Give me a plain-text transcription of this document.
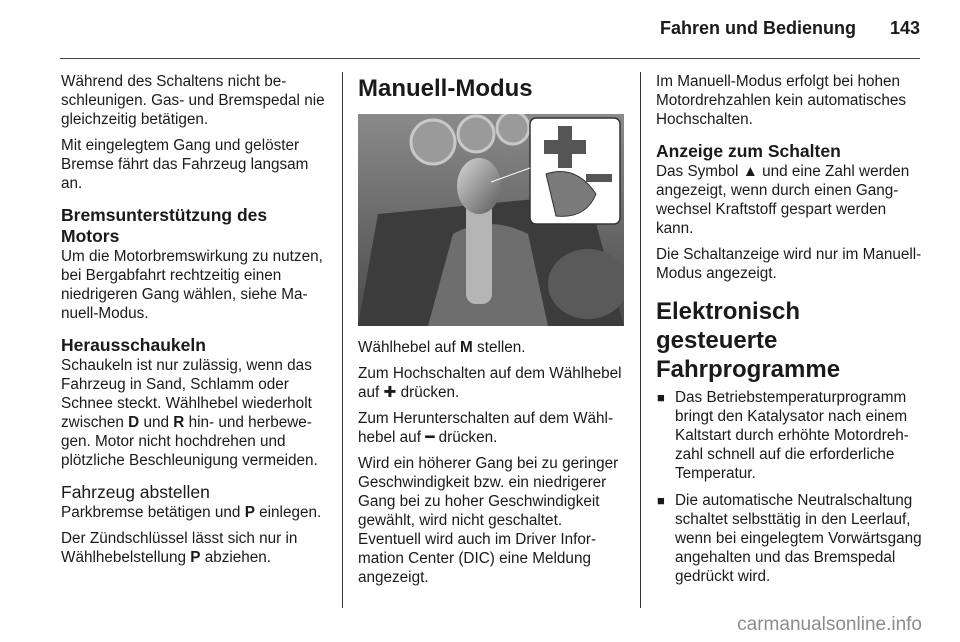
Fahren und Bedienung 143

Während des Schaltens nicht beschleunigen. Gas- und Bremspedal nie gleichzeitig betätigen.

Mit eingelegtem Gang und gelöster Bremse fährt das Fahrzeug langsam an.

Bremsunterstützung des Motors

Um die Motorbremswirkung zu nutzen, bei Bergabfahrt rechtzeitig einen niedrigeren Gang wählen, siehe Manuell-Modus.

Herausschaukeln

Schaukeln ist nur zulässig, wenn das Fahrzeug in Sand, Schlamm oder Schnee steckt. Wählhebel wiederholt zwischen D und R hin- und herbewegen. Motor nicht hochdrehen und plötzliche Beschleunigung vermeiden.

Fahrzeug abstellen

Parkbremse betätigen und P einlegen.

Der Zündschlüssel lässt sich nur in Wählhebelstellung P abziehen.

Manuell-Modus

Wählhebel auf M stellen.

Zum Hochschalten auf dem Wählhebel auf ✚ drücken.

Zum Herunterschalten auf dem Wählhebel auf ━ drücken.

Wird ein höherer Gang bei zu geringer Geschwindigkeit bzw. ein niedrigerer Gang bei zu hoher Geschwindigkeit gewählt, wird nicht geschaltet. Eventuell wird auch im Driver Information Center (DIC) eine Meldung angezeigt.

Im Manuell-Modus erfolgt bei hohen Motordrehzahlen kein automatisches Hochschalten.

Anzeige zum Schalten

Das Symbol ▲ und eine Zahl werden angezeigt, wenn durch einen Gangwechsel Kraftstoff gespart werden kann.

Die Schaltanzeige wird nur im Manuell-Modus angezeigt.

Elektronisch gesteuerte Fahrprogramme
■ Das Betriebstemperaturprogramm bringt den Katalysator nach einem Kaltstart durch erhöhte Motordrehzahl schnell auf die erforderliche Temperatur.
■ Die automatische Neutralschaltung schaltet selbsttätig in den Leerlauf, wenn bei eingelegtem Vorwärtsgang angehalten und das Bremspedal gedrückt wird.
carmanualsonline.info
